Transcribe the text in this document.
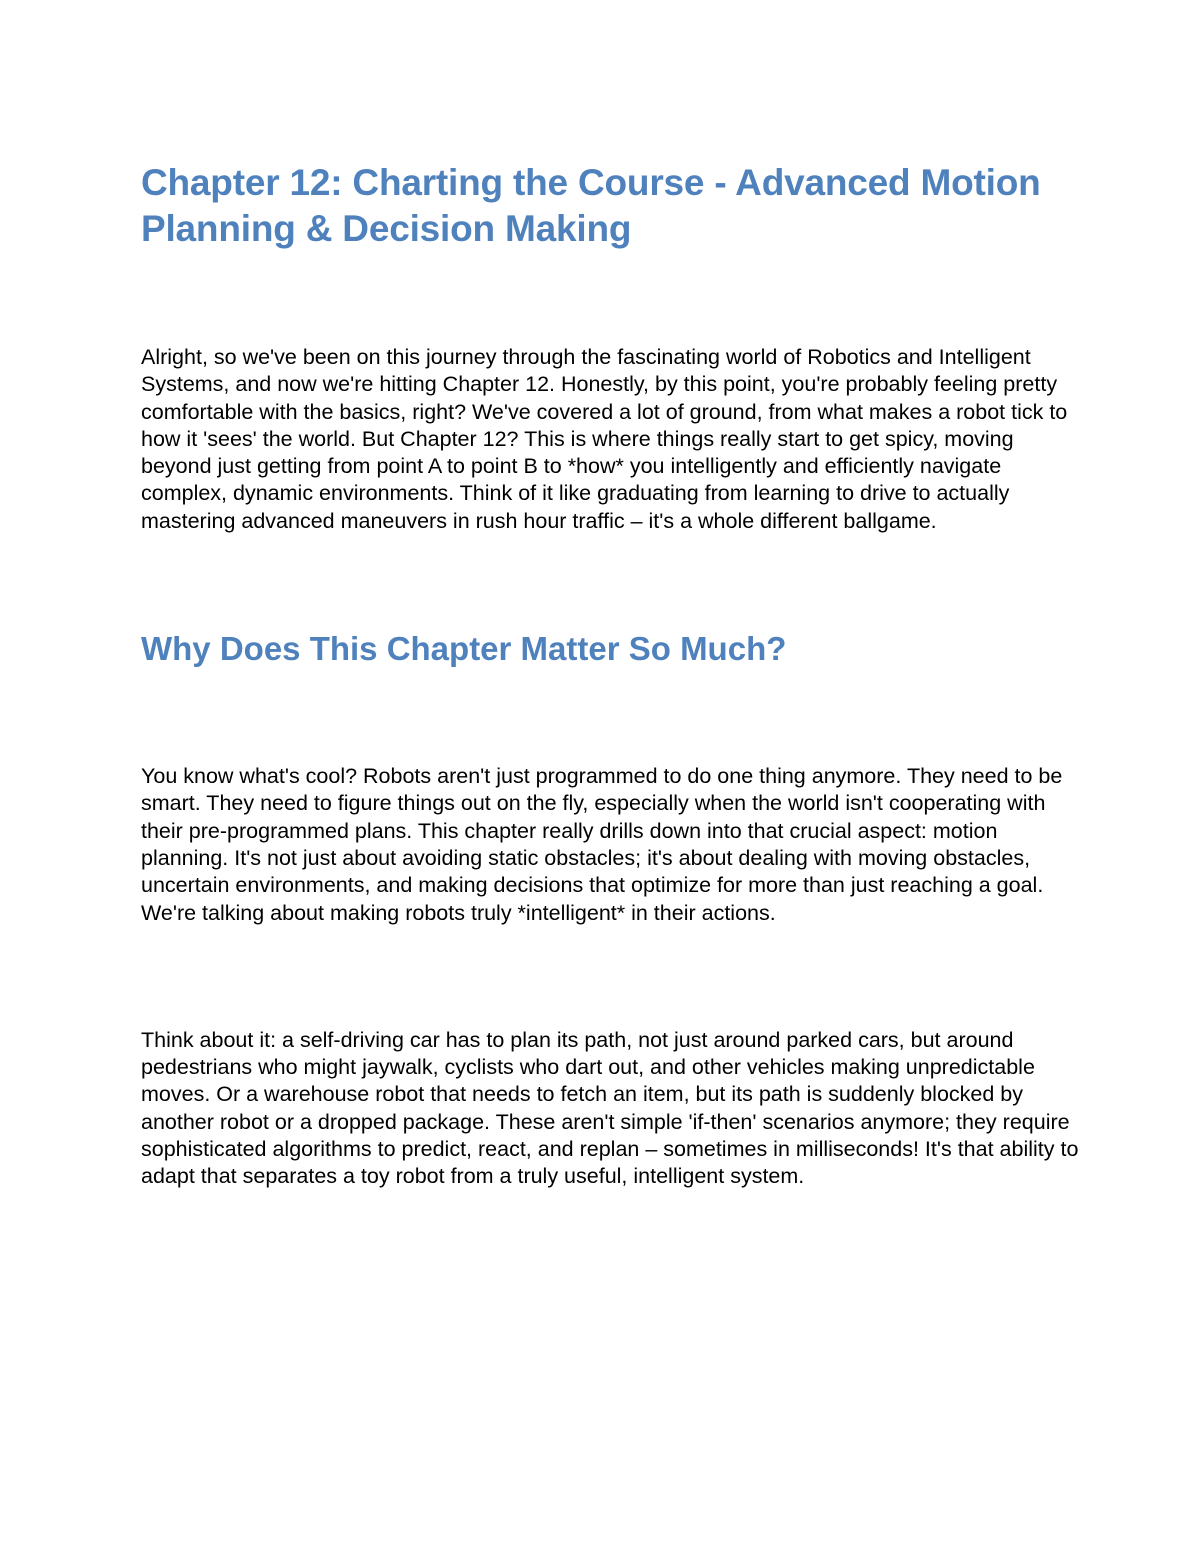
Chapter 12: Charting the Course - Advanced Motion Planning & Decision Making

Alright, so we've been on this journey through the fascinating world of Robotics and Intelligent Systems, and now we're hitting Chapter 12. Honestly, by this point, you're probably feeling pretty comfortable with the basics, right? We've covered a lot of ground, from what makes a robot tick to how it 'sees' the world. But Chapter 12? This is where things really start to get spicy, moving beyond just getting from point A to point B to *how* you intelligently and efficiently navigate complex, dynamic environments. Think of it like graduating from learning to drive to actually mastering advanced maneuvers in rush hour traffic – it's a whole different ballgame.

Why Does This Chapter Matter So Much?

You know what's cool? Robots aren't just programmed to do one thing anymore. They need to be smart. They need to figure things out on the fly, especially when the world isn't cooperating with their pre-programmed plans. This chapter really drills down into that crucial aspect: motion planning. It's not just about avoiding static obstacles; it's about dealing with moving obstacles, uncertain environments, and making decisions that optimize for more than just reaching a goal. We're talking about making robots truly *intelligent* in their actions.

Think about it: a self-driving car has to plan its path, not just around parked cars, but around pedestrians who might jaywalk, cyclists who dart out, and other vehicles making unpredictable moves. Or a warehouse robot that needs to fetch an item, but its path is suddenly blocked by another robot or a dropped package. These aren't simple 'if-then' scenarios anymore; they require sophisticated algorithms to predict, react, and replan – sometimes in milliseconds! It's that ability to adapt that separates a toy robot from a truly useful, intelligent system.
